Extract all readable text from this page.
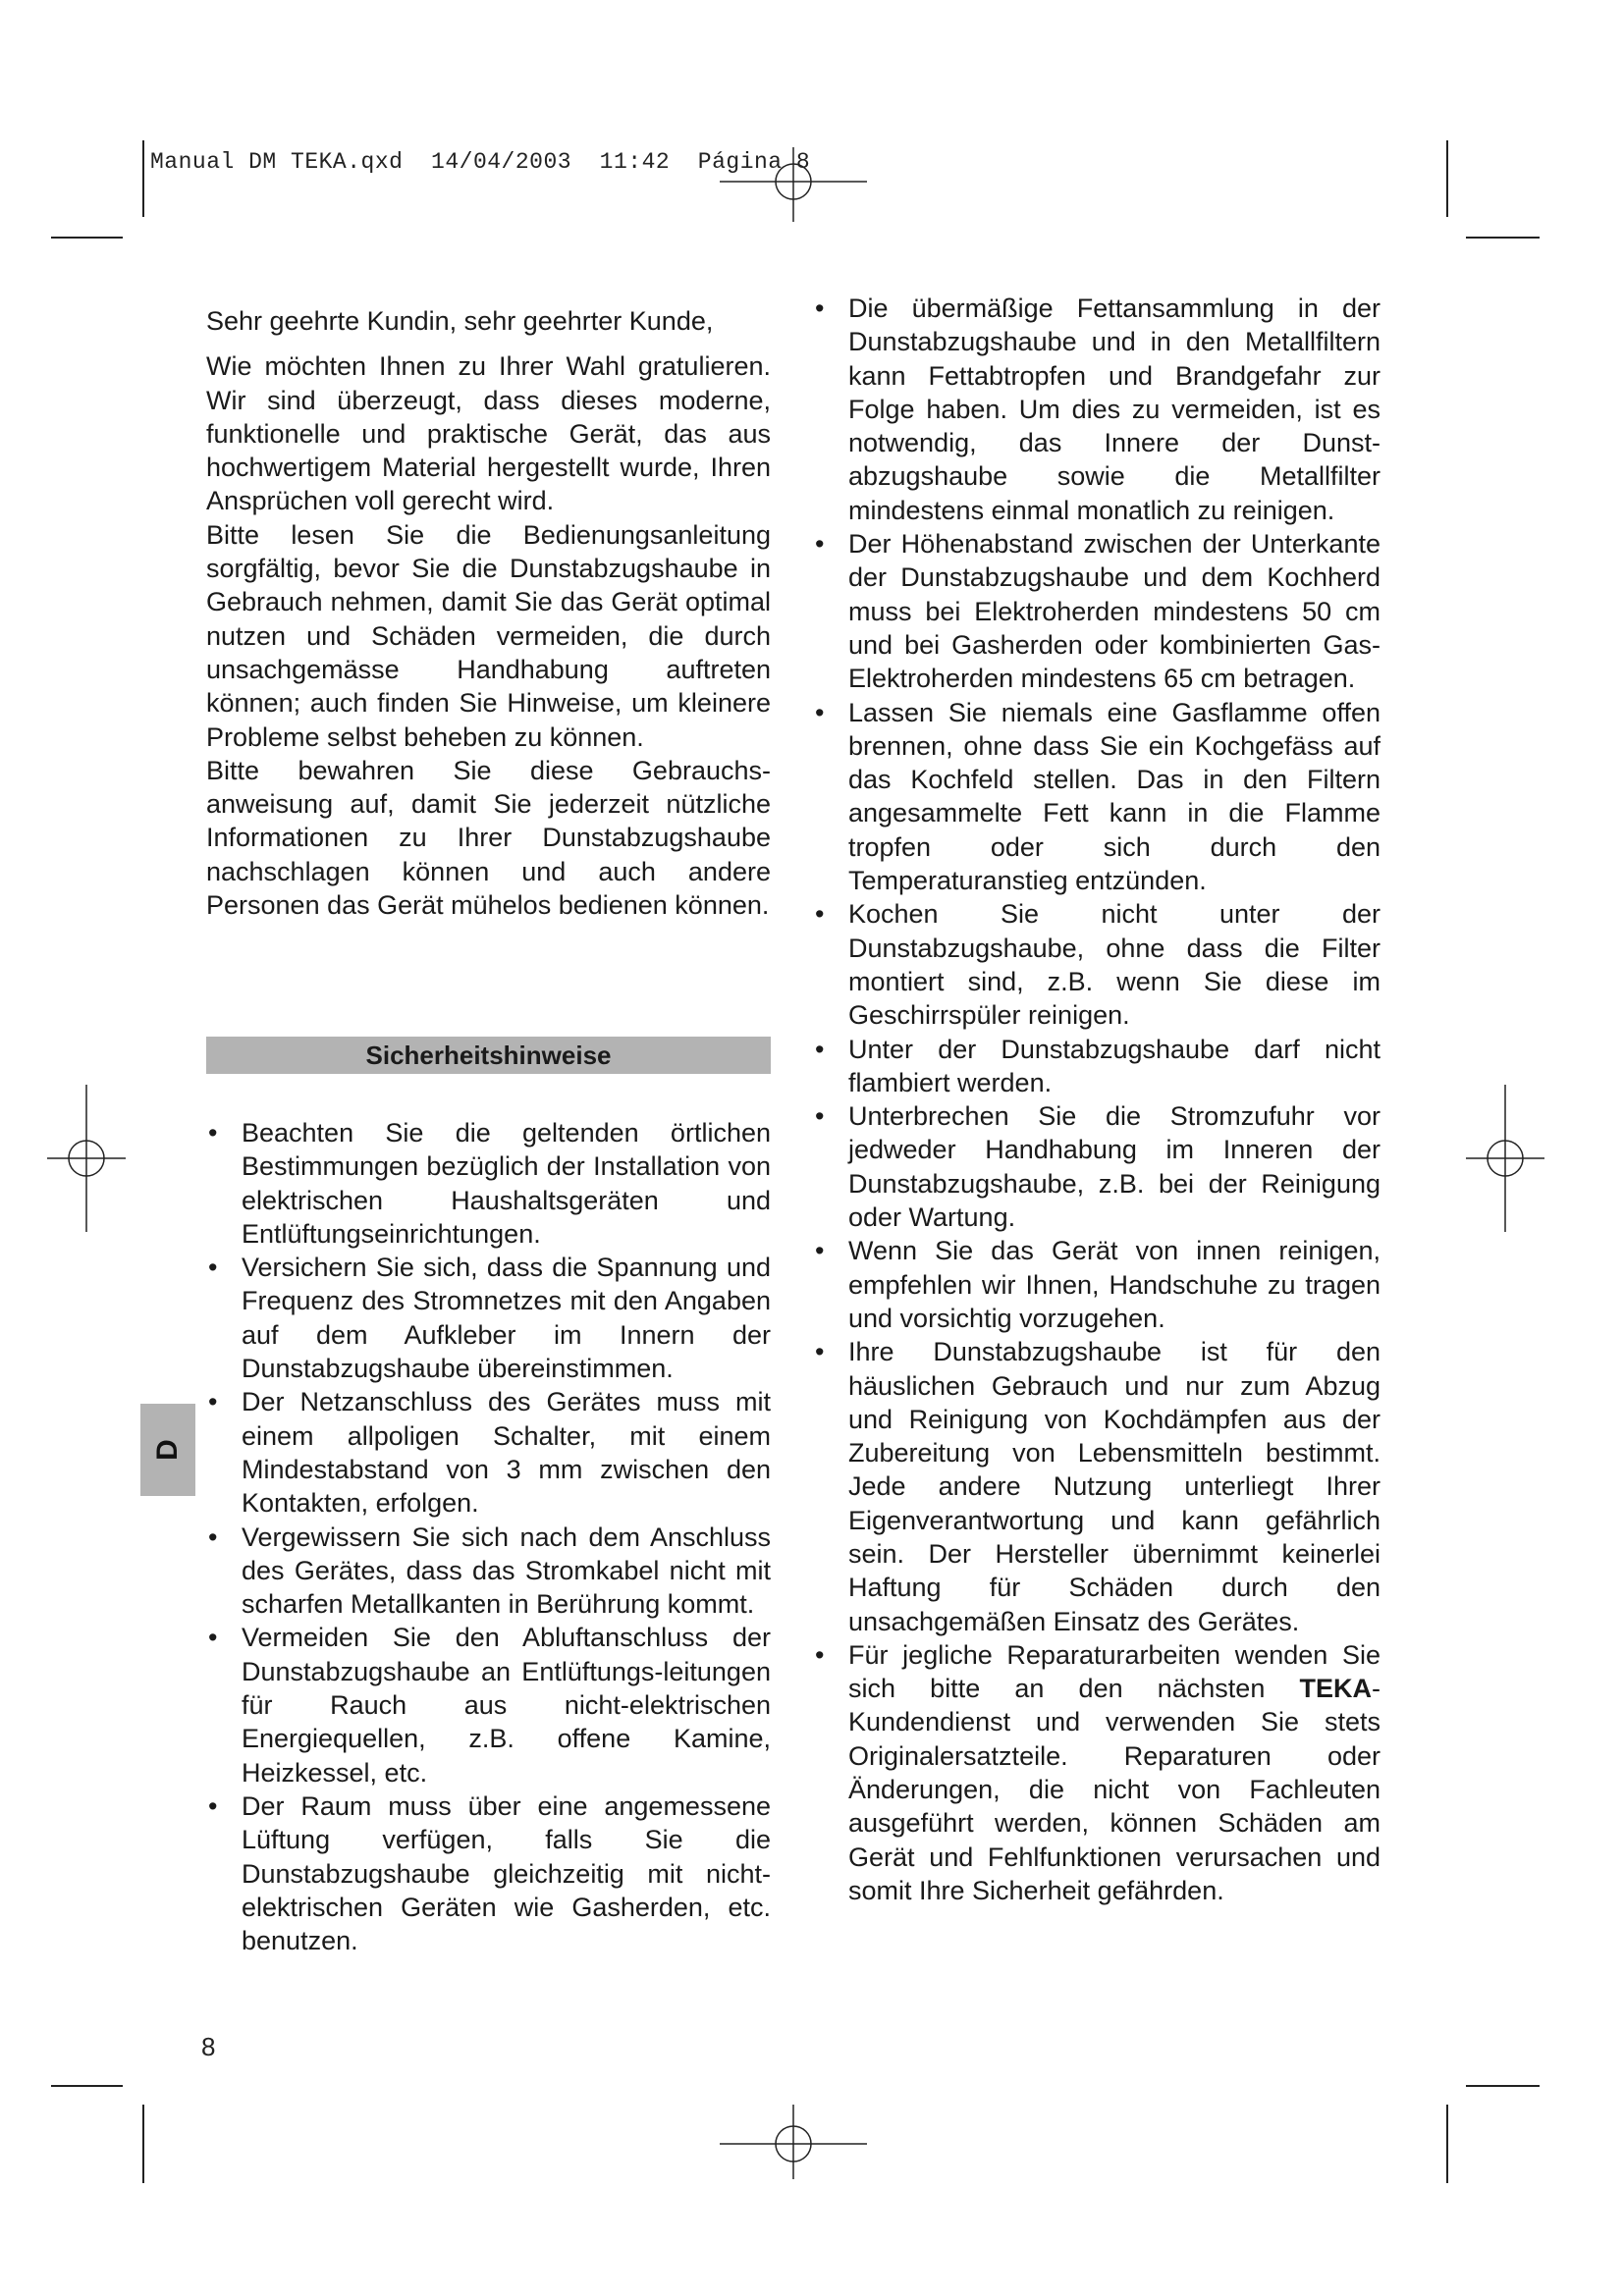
Manual DM TEKA.qxd  14/04/2003  11:42  Página 8
D

Sehr geehrte Kundin, sehr geehrter Kunde,

Wie möchten Ihnen zu Ihrer Wahl gratulieren. Wir sind überzeugt, dass dieses moderne, funktionelle und praktische Gerät, das aus hochwertigem Material hergestellt wurde, Ihren Ansprüchen voll gerecht wird.

Bitte lesen Sie die Bedienungsanleitung sorgfältig, bevor Sie die Dunstabzugshaube in Gebrauch nehmen, damit Sie das Gerät optimal nutzen und Schäden vermeiden, die durch unsachgemässe Handhabung auftreten können; auch finden Sie Hinweise, um kleinere Probleme selbst beheben zu können.

Bitte bewahren Sie diese Gebrauchs-anweisung auf, damit Sie jederzeit nützliche Informationen zu Ihrer Dunstabzugshaube nachschlagen können und auch andere Personen das Gerät mühelos bedienen können.

Sicherheitshinweise
• Beachten Sie die geltenden örtlichen Bestimmungen bezüglich der Installation von elektrischen Haushaltsgeräten und Entlüftungseinrichtungen.
• Versichern Sie sich, dass die Spannung und Frequenz des Stromnetzes mit den Angaben auf dem Aufkleber im Innern der Dunstabzugshaube übereinstimmen.
• Der Netzanschluss des Gerätes muss mit einem allpoligen Schalter, mit einem Mindestabstand von 3 mm zwischen den Kontakten, erfolgen.
• Vergewissern Sie sich nach dem Anschluss des Gerätes, dass das Stromkabel nicht mit scharfen Metallkanten in Berührung kommt.
• Vermeiden Sie den Abluftanschluss der Dunstabzugshaube an Entlüftungs-leitungen für Rauch aus nicht-elektrischen Energiequellen, z.B. offene Kamine, Heizkessel, etc.
• Der Raum muss über eine angemessene Lüftung verfügen, falls Sie die Dunstabzugshaube gleichzeitig mit nicht-elektrischen Geräten wie Gasherden, etc. benutzen.
• Die übermäßige Fettansammlung in der Dunstabzugshaube und in den Metallfiltern kann Fettabtropfen und Brandgefahr zur Folge haben. Um dies zu vermeiden, ist es notwendig, das Innere der Dunst-abzugshaube sowie die Metallfilter mindestens einmal monatlich zu reinigen.
• Der Höhenabstand zwischen der Unterkante der Dunstabzugshaube und dem Kochherd muss bei Elektroherden mindestens 50 cm und bei Gasherden oder kombinierten Gas-Elektroherden mindestens 65 cm betragen.
• Lassen Sie niemals eine Gasflamme offen brennen, ohne dass Sie ein Kochgefäss auf das Kochfeld stellen. Das in den Filtern angesammelte Fett kann in die Flamme tropfen oder sich durch den Temperaturanstieg entzünden.
• Kochen Sie nicht unter der Dunstabzugshaube, ohne dass die Filter montiert sind, z.B. wenn Sie diese im Geschirrspüler reinigen.
• Unter der Dunstabzugshaube darf nicht flambiert werden.
• Unterbrechen Sie die Stromzufuhr vor jedweder Handhabung im Inneren der Dunstabzugshaube, z.B. bei der Reinigung oder Wartung.
• Wenn Sie das Gerät von innen reinigen, empfehlen wir Ihnen, Handschuhe zu tragen und vorsichtig vorzugehen.
• Ihre Dunstabzugshaube ist für den häuslichen Gebrauch und nur zum Abzug und Reinigung von Kochdämpfen aus der Zubereitung von Lebensmitteln bestimmt. Jede andere Nutzung unterliegt Ihrer Eigenverantwortung und kann gefährlich sein. Der Hersteller übernimmt keinerlei Haftung für Schäden durch den unsachgemäßen Einsatz des Gerätes.
• Für jegliche Reparaturarbeiten wenden Sie sich bitte an den nächsten TEKA-Kundendienst und verwenden Sie stets Originalersatzteile. Reparaturen oder Änderungen, die nicht von Fachleuten ausgeführt werden, können Schäden am Gerät und Fehlfunktionen verursachen und somit Ihre Sicherheit gefährden.
8
